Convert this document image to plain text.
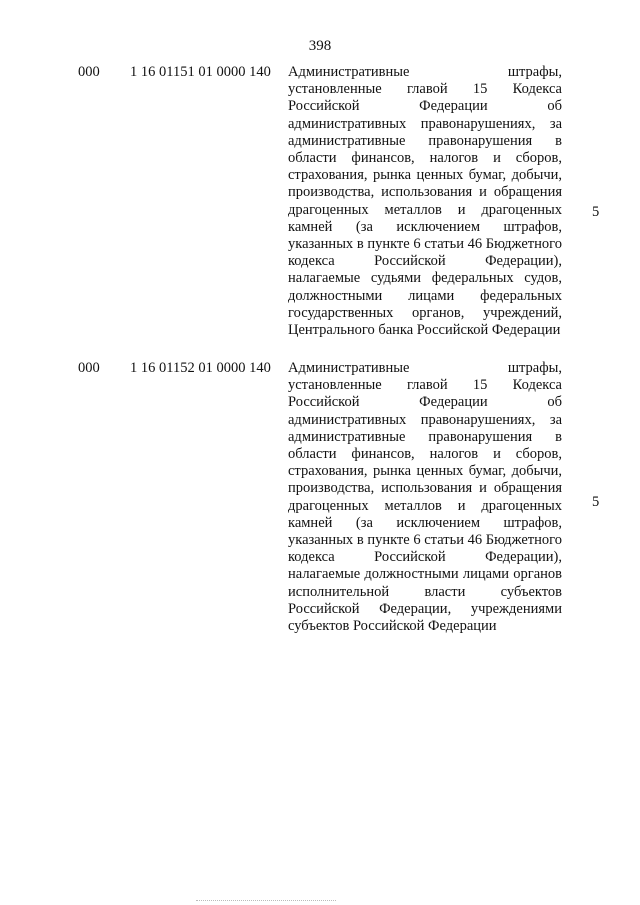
398
000 1 16 01151 01 0000 140 Административные штрафы, установленные главой 15 Кодекса Российской Федерации об административных правонарушениях, за административные правонарушения в области финансов, налогов и сборов, страхования, рынка ценных бумаг, добычи, производства, использования и обращения драгоценных металлов и драгоценных камней (за исключением штрафов, указанных в пункте 6 статьи 46 Бюджетного кодекса Российской Федерации), налагаемые судьями федеральных судов, должностными лицами федеральных государственных органов, учреждений, Центрального банка Российской Федерации
5
000 1 16 01152 01 0000 140 Административные штрафы, установленные главой 15 Кодекса Российской Федерации об административных правонарушениях, за административные правонарушения в области финансов, налогов и сборов, страхования, рынка ценных бумаг, добычи, производства, использования и обращения драгоценных металлов и драгоценных камней (за исключением штрафов, указанных в пункте 6 статьи 46 Бюджетного кодекса Российской Федерации), налагаемые должностными лицами органов исполнительной власти субъектов Российской Федерации, учреждениями субъектов Российской Федерации
5
